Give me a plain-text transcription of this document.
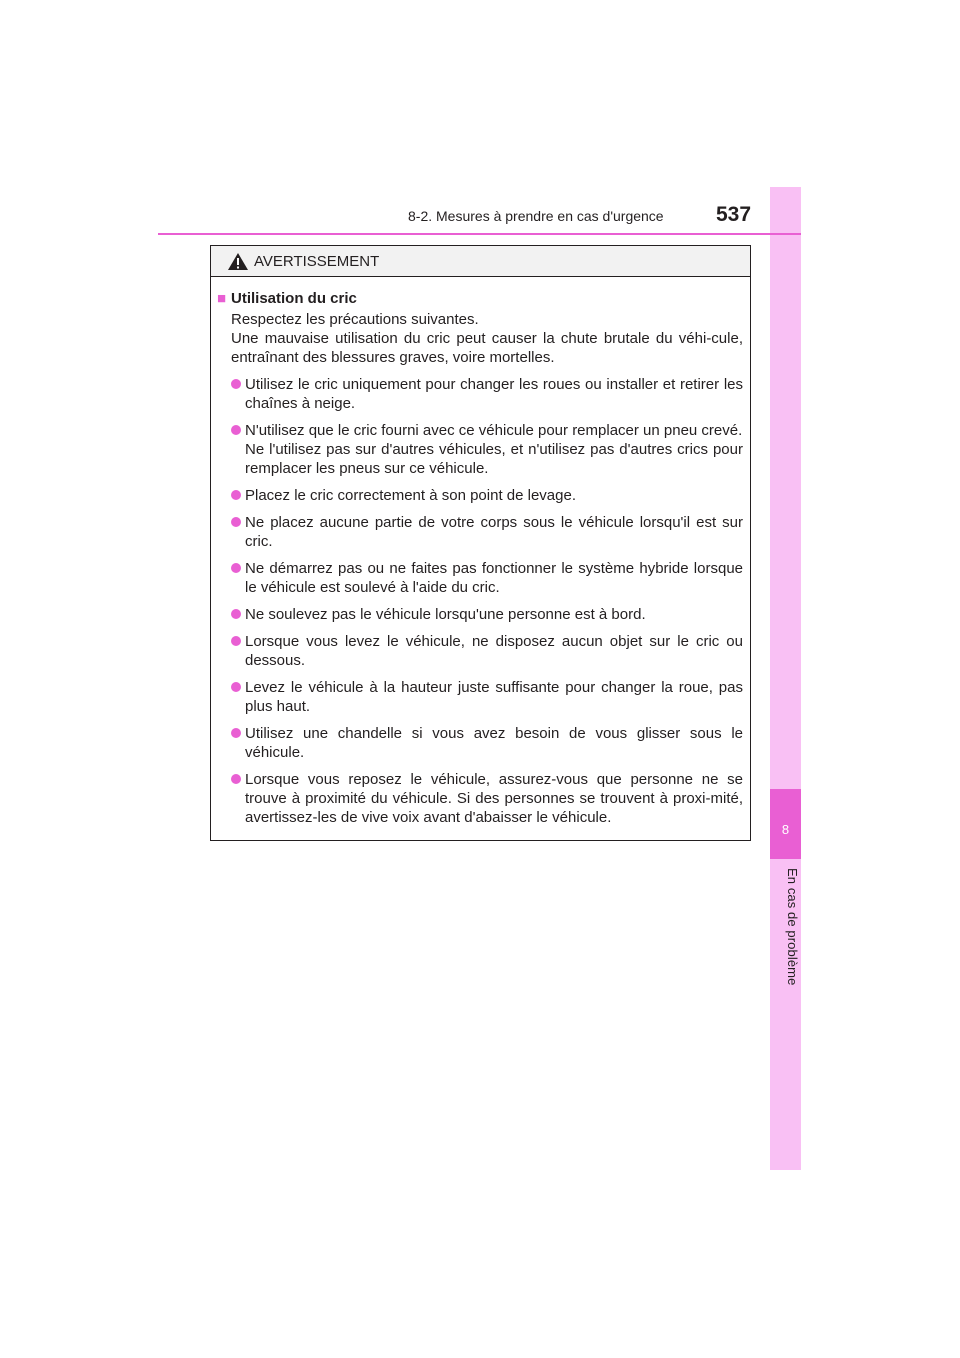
8
En cas de problème
8-2. Mesures à prendre en cas d'urgence 537
AVERTISSEMENT
■ Utilisation du cric
Respectez les précautions suivantes.
Une mauvaise utilisation du cric peut causer la chute brutale du véhi-cule, entraînant des blessures graves, voire mortelles.
Utilisez le cric uniquement pour changer les roues ou installer et retirer les chaînes à neige.
N'utilisez que le cric fourni avec ce véhicule pour remplacer un pneu crevé.
Ne l'utilisez pas sur d'autres véhicules, et n'utilisez pas d'autres crics pour remplacer les pneus sur ce véhicule.
Placez le cric correctement à son point de levage.
Ne placez aucune partie de votre corps sous le véhicule lorsqu'il est sur cric.
Ne démarrez pas ou ne faites pas fonctionner le système hybride lorsque le véhicule est soulevé à l'aide du cric.
Ne soulevez pas le véhicule lorsqu'une personne est à bord.
Lorsque vous levez le véhicule, ne disposez aucun objet sur le cric ou dessous.
Levez le véhicule à la hauteur juste suffisante pour changer la roue, pas plus haut.
Utilisez une chandelle si vous avez besoin de vous glisser sous le véhicule.
Lorsque vous reposez le véhicule, assurez-vous que personne ne se trouve à proximité du véhicule. Si des personnes se trouvent à proxi-mité, avertissez-les de vive voix avant d'abaisser le véhicule.
